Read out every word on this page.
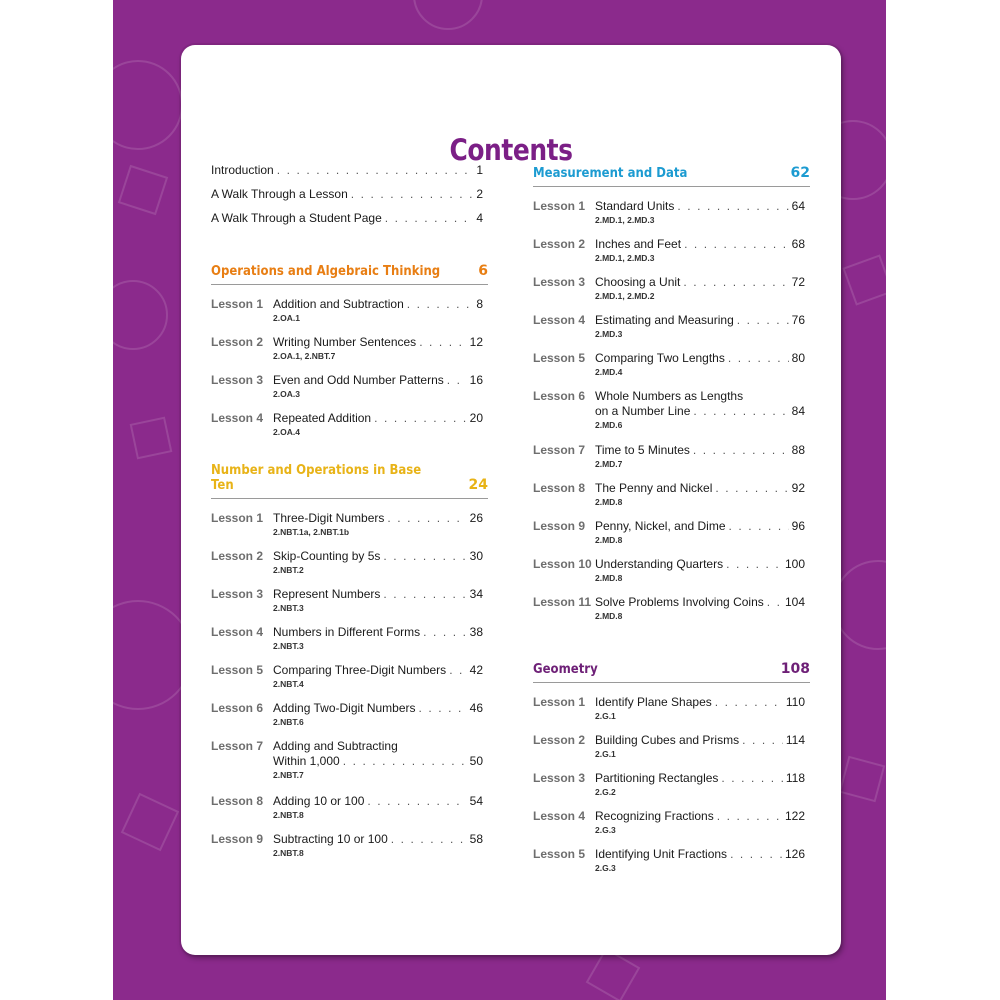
Contents
Introduction . . .	1
A Walk Through a Lesson . . .	2
A Walk Through a Student Page . . .	4
Operations and Algebraic Thinking	6
Lesson 1 Addition and Subtraction . . .	8
2.OA.1
Lesson 2 Writing Number Sentences . . .	12
2.OA.1, 2.NBT.7
Lesson 3 Even and Odd Number Patterns . . . 16
2.OA.3
Lesson 4 Repeated Addition . . .	20
2.OA.4
Number and Operations in Base Ten	24
Lesson 1 Three-Digit Numbers . . .	26
2.NBT.1a, 2.NBT.1b
Lesson 2 Skip-Counting by 5s . . .	30
2.NBT.2
Lesson 3 Represent Numbers . . .	34
2.NBT.3
Lesson 4 Numbers in Different Forms . . .	38
2.NBT.3
Lesson 5 Comparing Three-Digit Numbers . . . 42
2.NBT.4
Lesson 6 Adding Two-Digit Numbers . . .	46
2.NBT.6
Lesson 7 Adding and Subtracting
Within 1,000 . . .	50
2.NBT.7
Lesson 8 Adding 10 or 100 . . .	54
2.NBT.8
Lesson 9 Subtracting 10 or 100 . . .	58
2.NBT.8
Measurement and Data	62
Lesson 1 Standard Units . . .	64
2.MD.1, 2.MD.3
Lesson 2 Inches and Feet . . .	68
2.MD.1, 2.MD.3
Lesson 3 Choosing a Unit . . .	72
2.MD.1, 2.MD.2
Lesson 4 Estimating and Measuring . . .	76
2.MD.3
Lesson 5 Comparing Two Lengths . . .	80
2.MD.4
Lesson 6 Whole Numbers as Lengths
on a Number Line . . .	84
2.MD.6
Lesson 7 Time to 5 Minutes . . .	88
2.MD.7
Lesson 8 The Penny and Nickel . . .	92
2.MD.8
Lesson 9 Penny, Nickel, and Dime . . .	96
2.MD.8
Lesson 10 Understanding Quarters . . .	100
2.MD.8
Lesson 11 Solve Problems Involving Coins . . . 104
2.MD.8
Geometry	108
Lesson 1 Identify Plane Shapes . . .	110
2.G.1
Lesson 2 Building Cubes and Prisms . . .	114
2.G.1
Lesson 3 Partitioning Rectangles . . .	118
2.G.2
Lesson 4 Recognizing Fractions . . .	122
2.G.3
Lesson 5 Identifying Unit Fractions . . .	126
2.G.3
